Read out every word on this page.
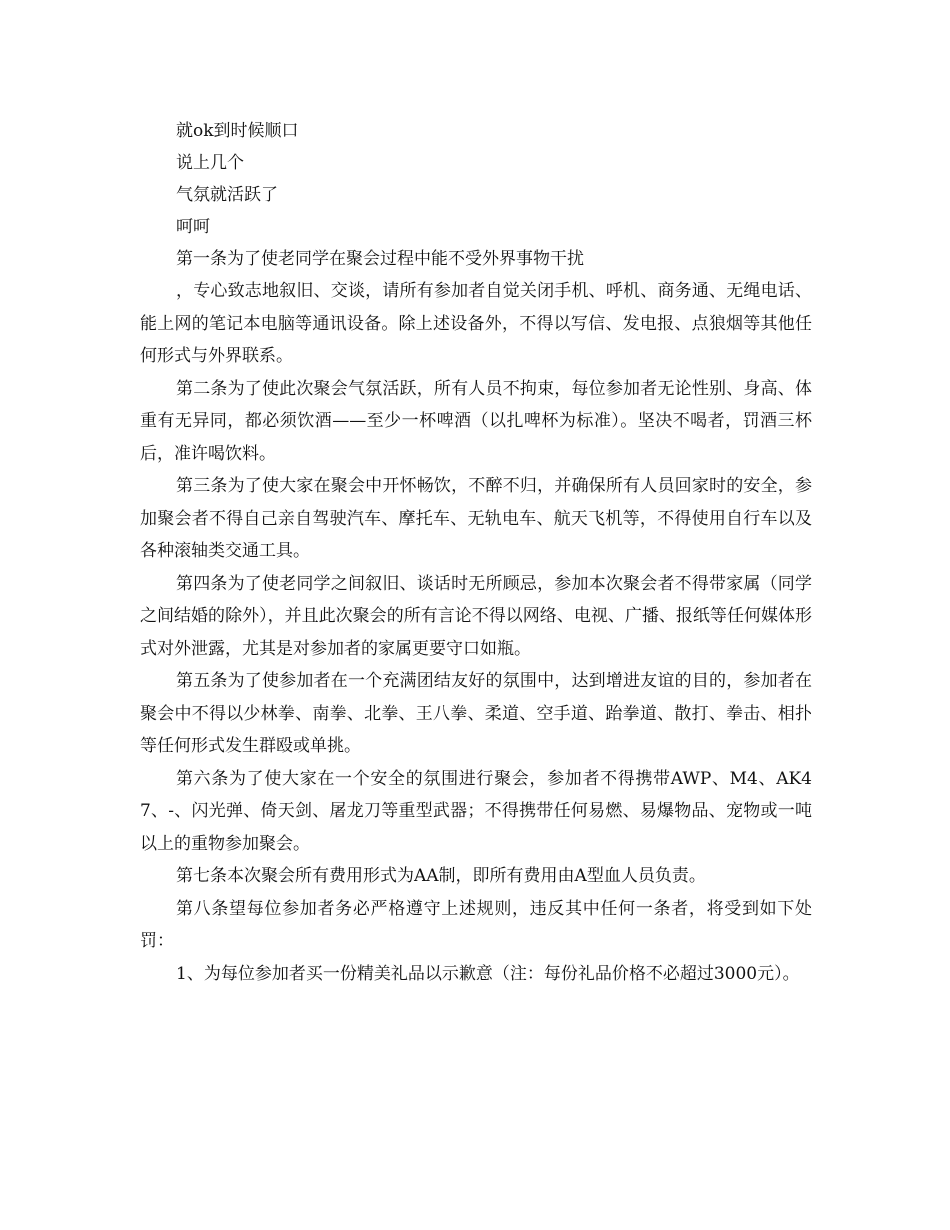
就ok到时候顺口

说上几个

气氛就活跃了

呵呵

第一条为了使老同学在聚会过程中能不受外界事物干扰

，专心致志地叙旧、交谈，请所有参加者自觉关闭手机、呼机、商务通、无绳电话、能上网的笔记本电脑等通讯设备。除上述设备外，不得以写信、发电报、点狼烟等其他任何形式与外界联系。

第二条为了使此次聚会气氛活跃，所有人员不拘束，每位参加者无论性别、身高、体重有无异同，都必须饮酒——至少一杯啤酒（以扎啤杯为标准）。坚决不喝者，罚酒三杯后，准许喝饮料。

第三条为了使大家在聚会中开怀畅饮，不醉不归，并确保所有人员回家时的安全，参加聚会者不得自己亲自驾驶汽车、摩托车、无轨电车、航天飞机等，不得使用自行车以及各种滚轴类交通工具。

第四条为了使老同学之间叙旧、谈话时无所顾忌，参加本次聚会者不得带家属（同学之间结婚的除外），并且此次聚会的所有言论不得以网络、电视、广播、报纸等任何媒体形式对外泄露，尤其是对参加者的家属更要守口如瓶。

第五条为了使参加者在一个充满团结友好的氛围中，达到增进友谊的目的，参加者在聚会中不得以少林拳、南拳、北拳、王八拳、柔道、空手道、跆拳道、散打、拳击、相扑等任何形式发生群殴或单挑。

第六条为了使大家在一个安全的氛围进行聚会，参加者不得携带AWP、M4、AK47、-、闪光弹、倚天剑、屠龙刀等重型武器；不得携带任何易燃、易爆物品、宠物或一吨以上的重物参加聚会。

第七条本次聚会所有费用形式为AA制，即所有费用由A型血人员负责。

第八条望每位参加者务必严格遵守上述规则，违反其中任何一条者，将受到如下处罚：

1、为每位参加者买一份精美礼品以示歉意（注：每份礼品价格不必超过3000元）。
